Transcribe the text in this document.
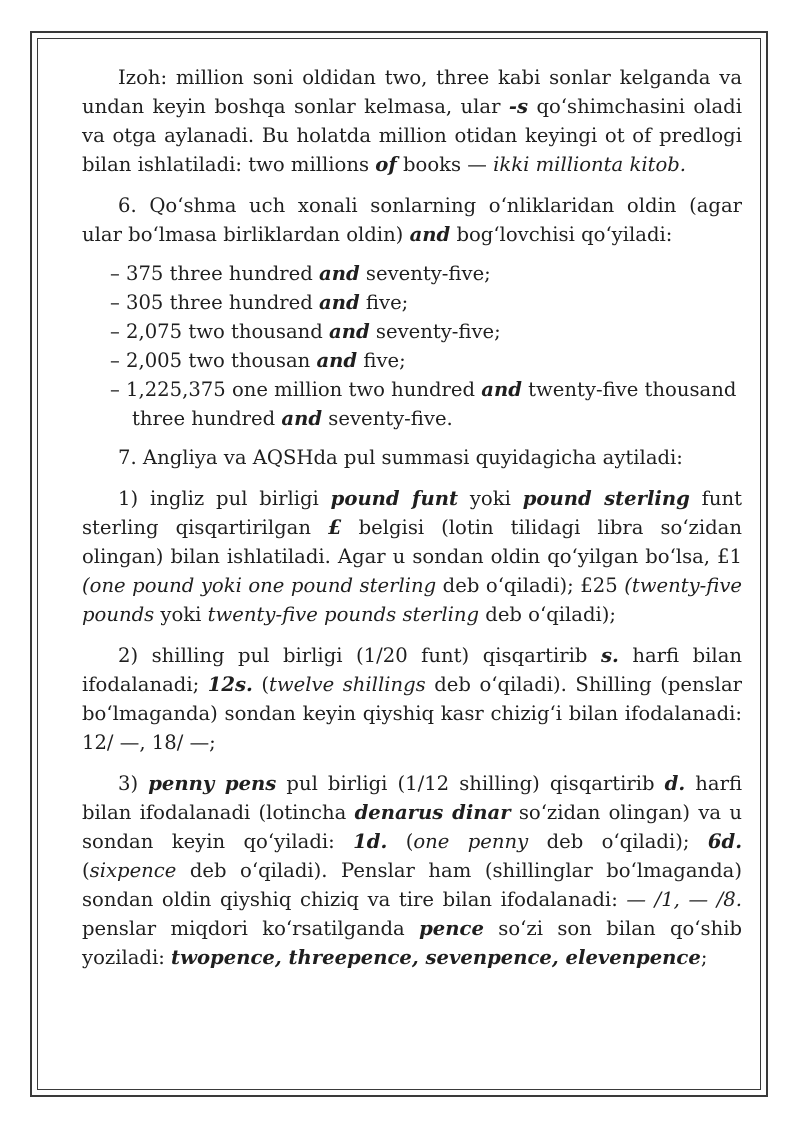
Izoh: million soni oldidan two, three kabi sonlar kelganda va undan keyin boshqa sonlar kelmasa, ular -s qo‘shimchasini oladi va otga aylanadi. Bu holatda million otidan keyingi ot of predlogi bilan ishlatiladi: two millions of books — ikki millionta kitob.

6. Qo‘shma uch xonali sonlarning o‘nliklaridan oldin (agar ular bo‘lmasa birliklardan oldin) and bog‘lovchisi qo‘yiladi:

– 375 three hundred and seventy-five;
– 305 three hundred and five;
– 2,075 two thousand and seventy-five;
– 2,005 two thousan and five;
– 1,225,375 one million two hundred and twenty-five thousand three hundred and seventy-five.

7. Angliya va AQSHda pul summasi quyidagicha aytiladi:

1) ingliz pul birligi pound funt yoki pound sterling funt sterling qisqartirilgan £ belgisi (lotin tilidagi libra so‘zidan olingan) bilan ishlatiladi. Agar u sondan oldin qo‘yilgan bo‘lsa, £1 (one pound yoki one pound sterling deb o‘qiladi); £25 (twenty-five pounds yoki twenty-five pounds sterling deb o‘qiladi);

2) shilling pul birligi (1/20 funt) qisqartirib s. harfi bilan ifodalanadi; 12s. (twelve shillings deb o‘qiladi). Shilling (penslar bo‘lmaganda) sondan keyin qiyshiq kasr chizig‘i bilan ifodalanadi: 12/ —, 18/ —;

3) penny pens pul birligi (1/12 shilling) qisqartirib d. harfi bilan ifodalanadi (lotincha denarus dinar so‘zidan olingan) va u sondan keyin qo‘yiladi: 1d. (one penny deb o‘qiladi); 6d. (sixpence deb o‘qiladi). Penslar ham (shillinglar bo‘lmaganda) sondan oldin qiyshiq chiziq va tire bilan ifodalanadi: — /1, — /8. penslar miqdori ko‘rsatilganda pence so‘zi son bilan qo‘shib yoziladi: twopence, threepence, sevenpence, elevenpence;
